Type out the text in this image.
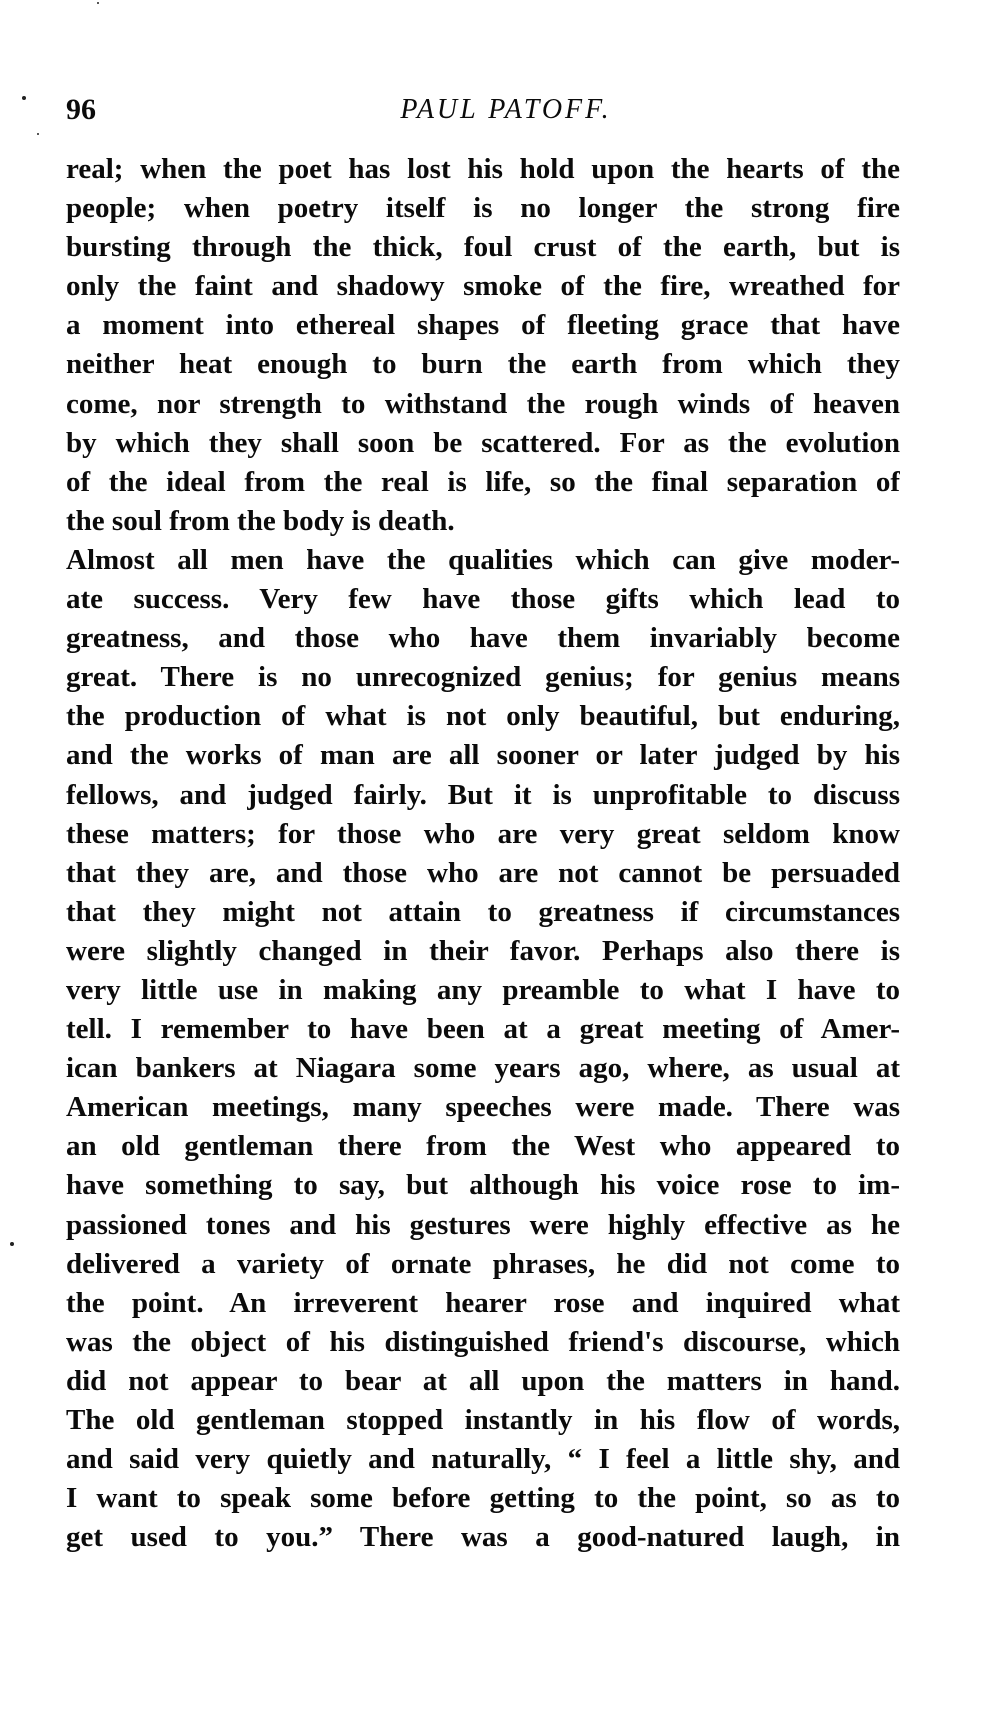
96	PAUL PATOFF.
real; when the poet has lost his hold upon the hearts of the
people; when poetry itself is no longer the strong fire
bursting through the thick, foul crust of the earth, but is
only the faint and shadowy smoke of the fire, wreathed for
a moment into ethereal shapes of fleeting grace that have
neither heat enough to burn the earth from which they
come, nor strength to withstand the rough winds of heaven
by which they shall soon be scattered. For as the evolution
of the ideal from the real is life, so the final separation of
the soul from the body is death.
Almost all men have the qualities which can give moder-
ate success. Very few have those gifts which lead to
greatness, and those who have them invariably become
great. There is no unrecognized genius; for genius means
the production of what is not only beautiful, but enduring,
and the works of man are all sooner or later judged by his
fellows, and judged fairly. But it is unprofitable to discuss
these matters; for those who are very great seldom know
that they are, and those who are not cannot be persuaded
that they might not attain to greatness if circumstances
were slightly changed in their favor. Perhaps also there is
very little use in making any preamble to what I have to
tell. I remember to have been at a great meeting of Amer-
ican bankers at Niagara some years ago, where, as usual at
American meetings, many speeches were made. There was
an old gentleman there from the West who appeared to
have something to say, but although his voice rose to im-
passioned tones and his gestures were highly effective as he
delivered a variety of ornate phrases, he did not come to
the point. An irreverent hearer rose and inquired what
was the object of his distinguished friend's discourse, which
did not appear to bear at all upon the matters in hand.
The old gentleman stopped instantly in his flow of words,
and said very quietly and naturally, “ I feel a little shy, and
I want to speak some before getting to the point, so as to
get used to you.” There was a good-natured laugh, in
